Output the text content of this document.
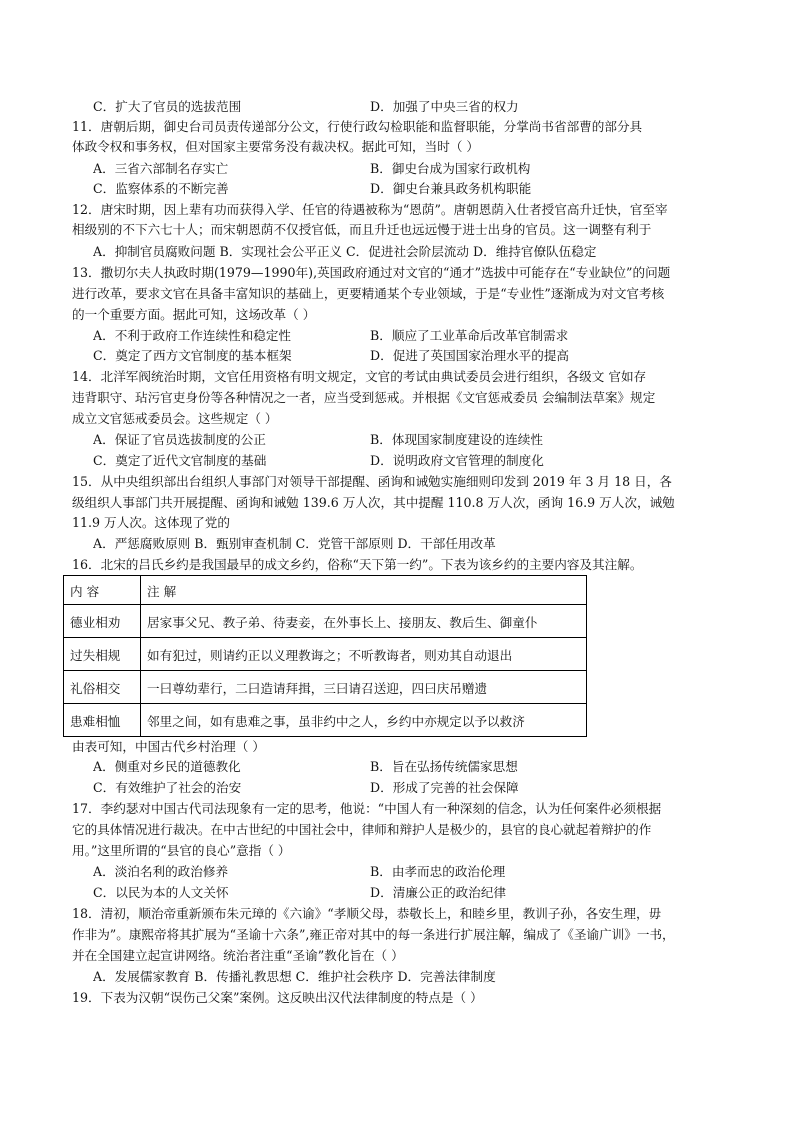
C．扩大了官员的选拔范围	D．加强了中央三省的权力
11．唐朝后期，御史台司员责传递部分公文，行使行政勾检职能和监督职能，分掌尚书省部曹的部分具
体政令权和事务权，但对国家主要常务没有裁决权。据此可知，当时（ ）
A．三省六部制名存实亡	B．御史台成为国家行政机构
C．监察体系的不断完善	D．御史台兼具政务机构职能
12．唐宋时期，因上辈有功而获得入学、任官的待遇被称为“恩荫”。唐朝恩荫入仕者授官高升迁快，官至宰
相级别的不下六七十人；而宋朝恩荫不仅授官低，而且升迁也远远慢于进士出身的官员。这一调整有利于
A．抑制官员腐败问题 B．实现社会公平正义 C．促进社会阶层流动 D．维持官僚队伍稳定
13．撒切尔夫人执政时期(1979—1990年),英国政府通过对文官的“通才”选拔中可能存在“专业缺位”的问题
进行改革，要求文官在具备丰富知识的基础上，更要精通某个专业领域，于是“专业性”逐渐成为对文官考核
的一个重要方面。据此可知，这场改革（ ）
A．不利于政府工作连续性和稳定性	B．顺应了工业革命后改革官制需求
C．奠定了西方文官制度的基本框架	D．促进了英国国家治理水平的提高
14．北洋军阀统治时期，文官任用资格有明文规定，文官的考试由典试委员会进行组织，各级文 官如存
违背职守、玷污官吏身份等各种情况之一者，应当受到惩戒。并根据《文官惩戒委员 会编制法草案》规定
成立文官惩戒委员会。这些规定（ ）
A．保证了官员选拔制度的公正	B．体现国家制度建设的连续性
C．奠定了近代文官制度的基础	D．说明政府文官管理的制度化
15．从中央组织部出台组织人事部门对领导干部提醒、函询和诫勉实施细则印发到 2019 年 3 月 18 日，各
级组织人事部门共开展提醒、函询和诫勉 139.6 万人次，其中提醒 110.8 万人次，函询 16.9 万人次，诫勉
11.9 万人次。这体现了党的
A．严惩腐败原则 B．甄别审查机制 C．党管干部原则 D．干部任用改革
16．北宋的吕氏乡约是我国最早的成文乡约，俗称“天下第一约”。下表为该乡约的主要内容及其注解。
内 容	注 解
德业相劝	居家事父兄、教子弟、待妻妾，在外事长上、接朋友、教后生、御童仆
过失相规	如有犯过，则请约正以义理教诲之；不听教诲者，则劝其自动退出
礼俗相交	一曰尊幼辈行，二曰造请拜揖，三曰请召送迎，四曰庆吊赠遗
患难相恤	邻里之间，如有患难之事，虽非约中之人，乡约中亦规定以予以救济
由表可知，中国古代乡村治理（ ）
A．侧重对乡民的道德教化	B．旨在弘扬传统儒家思想
C．有效维护了社会的治安	D．形成了完善的社会保障
17．李约瑟对中国古代司法现象有一定的思考，他说：“中国人有一种深刻的信念，认为任何案件必须根据
它的具体情况进行裁决。在中古世纪的中国社会中，律师和辩护人是极少的，县官的良心就起着辩护的作
用。”这里所谓的“县官的良心”意指（ ）
A．淡泊名利的政治修养	B．由孝而忠的政治伦理
C．以民为本的人文关怀	D．清廉公正的政治纪律
18．清初，顺治帝重新颁布朱元璋的《六谕》“孝顺父母，恭敬长上，和睦乡里，教训子孙，各安生理，毋
作非为”。康熙帝将其扩展为“圣谕十六条”,雍正帝对其中的每一条进行扩展注解，编成了《圣谕广训》一书，
并在全国建立起宣讲网络。统治者注重“圣谕”教化旨在（ ）
A．发展儒家教育 B．传播礼教思想 C．维护社会秩序 D．完善法律制度
19．下表为汉朝“误伤己父案”案例。这反映出汉代法律制度的特点是（ ）
